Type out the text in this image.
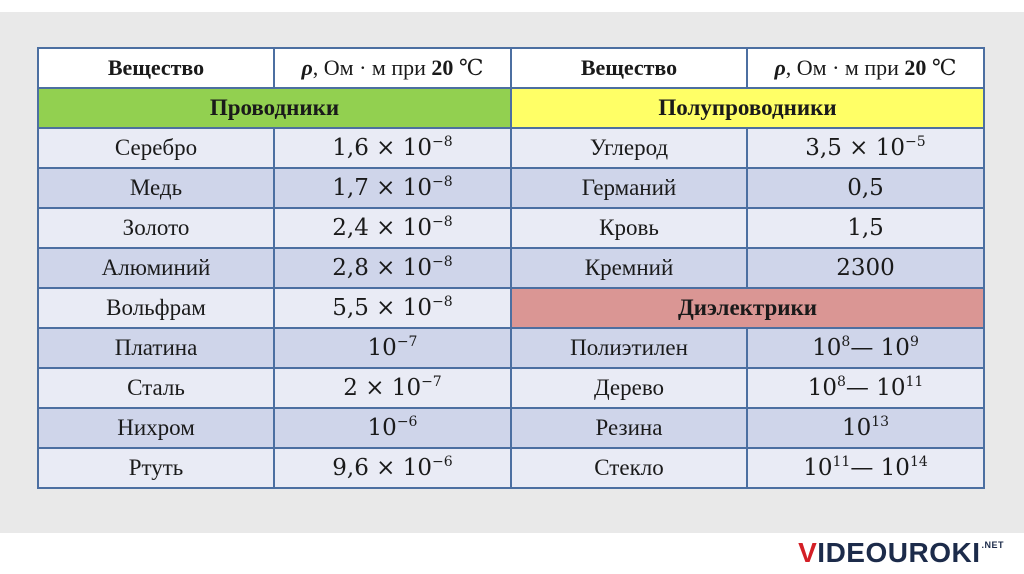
Вещество	ρ, Ом · м при 20 ℃	Вещество	ρ, Ом · м при 20 ℃
Проводники		Полупроводники	
Серебро	$1,6 \times 10^{-8}$	Углерод	$3,5 \times 10^{-5}$
Медь	$1,7 \times 10^{-8}$	Германий	0,5
Золото	$2,4 \times 10^{-8}$	Кровь	1,5
Алюминий	$2,8 \times 10^{-8}$	Кремний	2300
Вольфрам	$5,5 \times 10^{-8}$	Диэлектрики	
Платина	$10^{-7}$	Полиэтилен	$10^8—$ $10^9$
Сталь	$2 \times 10^{-7}$	Дерево	$10^8—$ $10^{11}$
Нихром	$10^{-6}$	Резина	$10^{13}$
Ртуть	$9,6 \times 10^{-6}$	Стекло	$10^{11}—$ $10^{14}$
$VIDEOUROKI^{.NET}$
